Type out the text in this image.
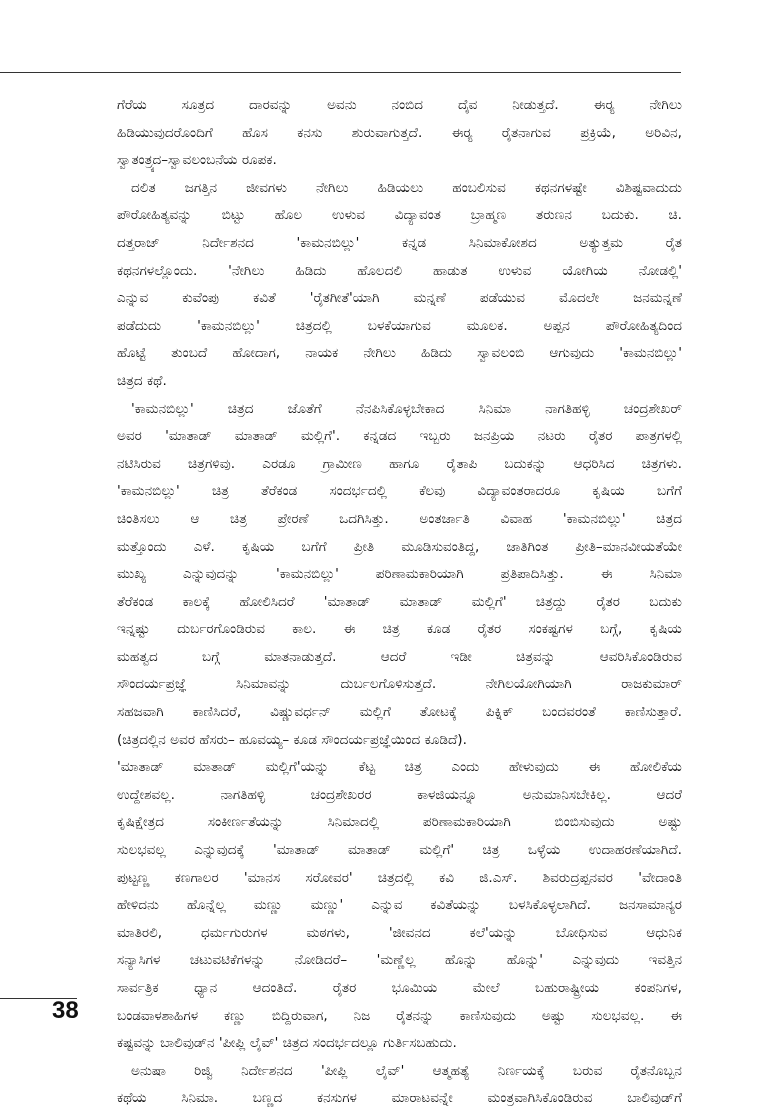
ಗೆರೆಯ ಸೂತ್ರದ ದಾರವನ್ನು ಅವನು ನಂಬಿದ ದೈವ ನೀಡುತ್ತದೆ. ಈರ್‍ಯ ನೇಗಿಲು
ಹಿಡಿಯುವುದರೊಂದಿಗೆ ಹೊಸ ಕನಸು ಶುರುವಾಗುತ್ತದೆ. ಈರ್‍ಯ ರೈತನಾಗುವ ಪ್ರಕ್ರಿಯೆ, ಅರಿವಿನ,
ಸ್ವಾತಂತ್ರ್ಯದ–ಸ್ವಾವಲಂಬನೆಯ ರೂಪಕ.
ದಲಿತ ಜಗತ್ತಿನ ಜೀವಗಳು ನೇಗಿಲು ಹಿಡಿಯಲು ಹಂಬಲಿಸುವ ಕಥನಗಳಷ್ಟೇ ವಿಶಿಷ್ಟವಾದುದು
ಪೌರೋಹಿತ್ಯವನ್ನು ಬಿಟ್ಟು ಹೊಲ ಉಳುವ ವಿದ್ಯಾವಂತ ಬ್ರಾಹ್ಮಣ ತರುಣನ ಬದುಕು. ಚಿ.
ದತ್ತರಾಜ್ ನಿರ್ದೇಶನದ 'ಕಾಮನಬಿಲ್ಲು' ಕನ್ನಡ ಸಿನಿಮಾಕೋಶದ ಅತ್ಯುತ್ತಮ ರೈತ
ಕಥನಗಳಲ್ಲೊಂದು. 'ನೇಗಿಲು ಹಿಡಿದು ಹೊಲದಲಿ ಹಾಡುತ ಉಳುವ ಯೋಗಿಯ ನೋಡಲ್ಲಿ'
ಎನ್ನುವ ಕುವೆಂಪು ಕವಿತೆ 'ರೈತಗೀತೆ'ಯಾಗಿ ಮನ್ನಣೆ ಪಡೆಯುವ ಮೊದಲೇ ಜನಮನ್ನಣೆ
ಪಡೆದುದು 'ಕಾಮನಬಿಲ್ಲು' ಚಿತ್ರದಲ್ಲಿ ಬಳಕೆಯಾಗುವ ಮೂಲಕ. ಅಪ್ಪನ ಪೌರೋಹಿತ್ಯದಿಂದ
ಹೊಟ್ಟೆ ತುಂಬದೆ ಹೋದಾಗ, ನಾಯಕ ನೇಗಿಲು ಹಿಡಿದು ಸ್ವಾವಲಂಬಿ ಆಗುವುದು 'ಕಾಮನಬಿಲ್ಲು'
ಚಿತ್ರದ ಕಥೆ.
'ಕಾಮನಬಿಲ್ಲು' ಚಿತ್ರದ ಜೊತೆಗೆ ನೆನಪಿಸಿಕೊಳ್ಳಬೇಕಾದ ಸಿನಿಮಾ ನಾಗತಿಹಳ್ಳಿ ಚಂದ್ರಶೇಖರ್
ಅವರ 'ಮಾತಾಡ್ ಮಾತಾಡ್ ಮಲ್ಲಿಗೆ'. ಕನ್ನಡದ ಇಬ್ಬರು ಜನಪ್ರಿಯ ನಟರು ರೈತರ ಪಾತ್ರಗಳಲ್ಲಿ
ನಟಿಸಿರುವ ಚಿತ್ರಗಳಿವು. ಎರಡೂ ಗ್ರಾಮೀಣ ಹಾಗೂ ರೈತಾಪಿ ಬದುಕನ್ನು ಆಧರಿಸಿದ ಚಿತ್ರಗಳು.
'ಕಾಮನಬಿಲ್ಲು' ಚಿತ್ರ ತೆರೆಕಂಡ ಸಂದರ್ಭದಲ್ಲಿ ಕೆಲವು ವಿದ್ಯಾವಂತರಾದರೂ ಕೃಷಿಯ ಬಗೆಗೆ
ಚಿಂತಿಸಲು ಆ ಚಿತ್ರ ಪ್ರೇರಣೆ ಒದಗಿಸಿತ್ತು. ಅಂತರ್ಜಾತಿ ವಿವಾಹ 'ಕಾಮನಬಿಲ್ಲು' ಚಿತ್ರದ
ಮತ್ತೊಂದು ಎಳೆ. ಕೃಷಿಯ ಬಗೆಗೆ ಪ್ರೀತಿ ಮೂಡಿಸುವಂತಿದ್ದ, ಜಾತಿಗಿಂತ ಪ್ರೀತಿ–ಮಾನವೀಯತೆಯೇ
ಮುಖ್ಯ ಎನ್ನುವುದನ್ನು 'ಕಾಮನಬಿಲ್ಲು' ಪರಿಣಾಮಕಾರಿಯಾಗಿ ಪ್ರತಿಪಾದಿಸಿತ್ತು. ಈ ಸಿನಿಮಾ
ತೆರೆಕಂಡ ಕಾಲಕ್ಕೆ ಹೋಲಿಸಿದರೆ 'ಮಾತಾಡ್ ಮಾತಾಡ್ ಮಲ್ಲಿಗೆ' ಚಿತ್ರದ್ದು ರೈತರ ಬದುಕು
ಇನ್ನಷ್ಟು ದುರ್ಬರಗೊಂಡಿರುವ ಕಾಲ. ಈ ಚಿತ್ರ ಕೂಡ ರೈತರ ಸಂಕಷ್ಟಗಳ ಬಗ್ಗೆ, ಕೃಷಿಯ
ಮಹತ್ವದ ಬಗ್ಗೆ ಮಾತನಾಡುತ್ತದೆ. ಆದರೆ ಇಡೀ ಚಿತ್ರವನ್ನು ಆವರಿಸಿಕೊಂಡಿರುವ
ಸೌಂದರ್ಯಪ್ರಜ್ಞೆ ಸಿನಿಮಾವನ್ನು ದುರ್ಬಲಗೊಳಿಸುತ್ತದೆ. ನೇಗಿಲಯೋಗಿಯಾಗಿ ರಾಜಕುಮಾರ್
ಸಹಜವಾಗಿ ಕಾಣಿಸಿದರೆ, ವಿಷ್ಣುವರ್ಧನ್ ಮಲ್ಲಿಗೆ ತೋಟಕ್ಕೆ ಪಿಕ್ನಿಕ್ ಬಂದವರಂತೆ ಕಾಣಿಸುತ್ತಾರೆ.
(ಚಿತ್ರದಲ್ಲಿನ ಅವರ ಹೆಸರು– ಹೂವಯ್ಯ– ಕೂಡ ಸೌಂದರ್ಯಪ್ರಜ್ಞೆಯಿಂದ ಕೂಡಿದೆ).
'ಮಾತಾಡ್ ಮಾತಾಡ್ ಮಲ್ಲಿಗೆ'ಯನ್ನು ಕೆಟ್ಟ ಚಿತ್ರ ಎಂದು ಹೇಳುವುದು ಈ ಹೋಲಿಕೆಯ
ಉದ್ದೇಶವಲ್ಲ. ನಾಗತಿಹಳ್ಳಿ ಚಂದ್ರಶೇಖರರ ಕಾಳಜಿಯನ್ನೂ ಅನುಮಾನಿಸಬೇಕಿಲ್ಲ. ಆದರೆ
ಕೃಷಿಕ್ಷೇತ್ರದ ಸಂಕೀರ್ಣತೆಯನ್ನು ಸಿನಿಮಾದಲ್ಲಿ ಪರಿಣಾಮಕಾರಿಯಾಗಿ ಬಿಂಬಿಸುವುದು ಅಷ್ಟು
ಸುಲಭವಲ್ಲ ಎನ್ನುವುದಕ್ಕೆ 'ಮಾತಾಡ್ ಮಾತಾಡ್ ಮಲ್ಲಿಗೆ' ಚಿತ್ರ ಒಳ್ಳೆಯ ಉದಾಹರಣೆಯಾಗಿದೆ.
ಪುಟ್ಟಣ್ಣ ಕಣಗಾಲರ 'ಮಾನಸ ಸರೋವರ' ಚಿತ್ರದಲ್ಲಿ ಕವಿ ಜಿ.ಎಸ್. ಶಿವರುದ್ರಪ್ಪನವರ 'ವೇದಾಂತಿ
ಹೇಳಿದನು ಹೊನ್ನೆಲ್ಲ ಮಣ್ಣು ಮಣ್ಣು' ಎನ್ನುವ ಕವಿತೆಯನ್ನು ಬಳಸಿಕೊಳ್ಳಲಾಗಿದೆ. ಜನಸಾಮಾನ್ಯರ
ಮಾತಿರಲಿ, ಧರ್ಮಗುರುಗಳ ಮಠಗಳು, 'ಜೀವನದ ಕಲೆ'ಯನ್ನು ಬೋಧಿಸುವ ಆಧುನಿಕ
ಸನ್ಯಾಸಿಗಳ ಚಟುವಟಿಕೆಗಳನ್ನು ನೋಡಿದರೆ– 'ಮಣ್ಣೆಲ್ಲ ಹೊನ್ನು ಹೊನ್ನು' ಎನ್ನುವುದು ಇವತ್ತಿನ
ಸಾರ್ವತ್ರಿಕ ಧ್ಯಾನ ಆದಂತಿದೆ. ರೈತರ ಭೂಮಿಯ ಮೇಲೆ ಬಹುರಾಷ್ಟ್ರೀಯ ಕಂಪನಿಗಳ,
ಬಂಡವಾಳಶಾಹಿಗಳ ಕಣ್ಣು ಬಿದ್ದಿರುವಾಗ, ನಿಜ ರೈತನನ್ನು ಕಾಣಿಸುವುದು ಅಷ್ಟು ಸುಲಭವಲ್ಲ. ಈ
ಕಷ್ಟವನ್ನು ಬಾಲಿವುಡ್‌ನ 'ಪೀಪ್ಲಿ ಲೈವ್' ಚಿತ್ರದ ಸಂದರ್ಭದಲ್ಲೂ ಗುರ್ತಿಸಬಹುದು.
ಅನುಷಾ ರಿಜ್ವಿ ನಿರ್ದೇಶನದ 'ಪೀಪ್ಲಿ ಲೈವ್' ಆತ್ಮಹತ್ಯೆ ನಿರ್ಣಯಕ್ಕೆ ಬರುವ ರೈತನೊಬ್ಬನ
ಕಥೆಯ ಸಿನಿಮಾ. ಬಣ್ಣದ ಕನಸುಗಳ ಮಾರಾಟವನ್ನೇ ಮಂತ್ರವಾಗಿಸಿಕೊಂಡಿರುವ ಬಾಲಿವುಡ್‌ಗೆ
38
